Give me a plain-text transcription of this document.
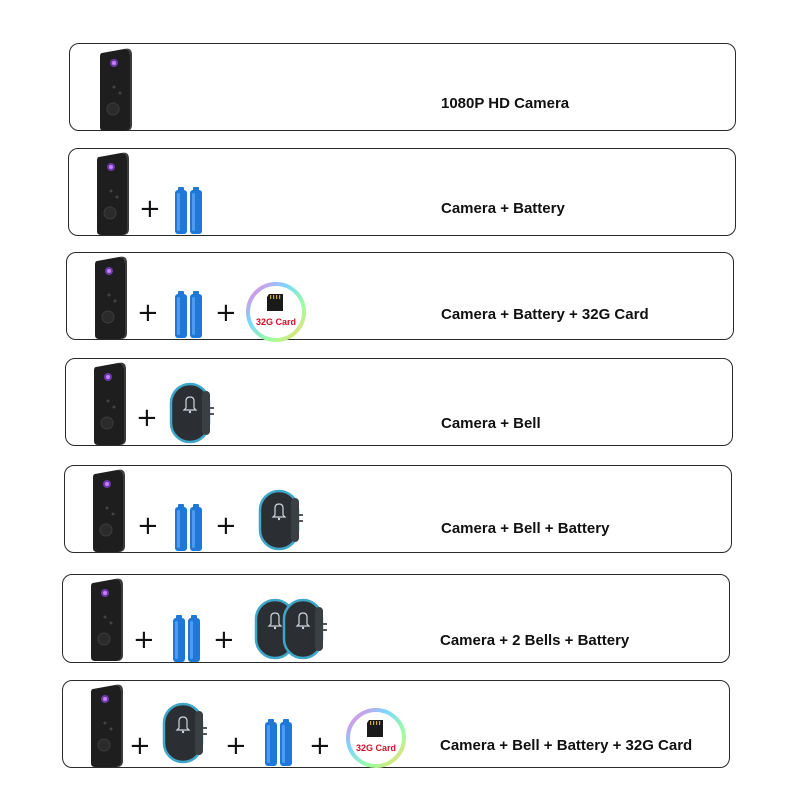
1080P HD Camera
+	Camera + Battery
+ +	32G Card	Camera + Battery + 32G Card
+	Camera + Bell
+ +	Camera + Bell + Battery
+ +	Camera + 2 Bells + Battery
+	+ +	32G Card	Camera + Bell + Battery + 32G Card
